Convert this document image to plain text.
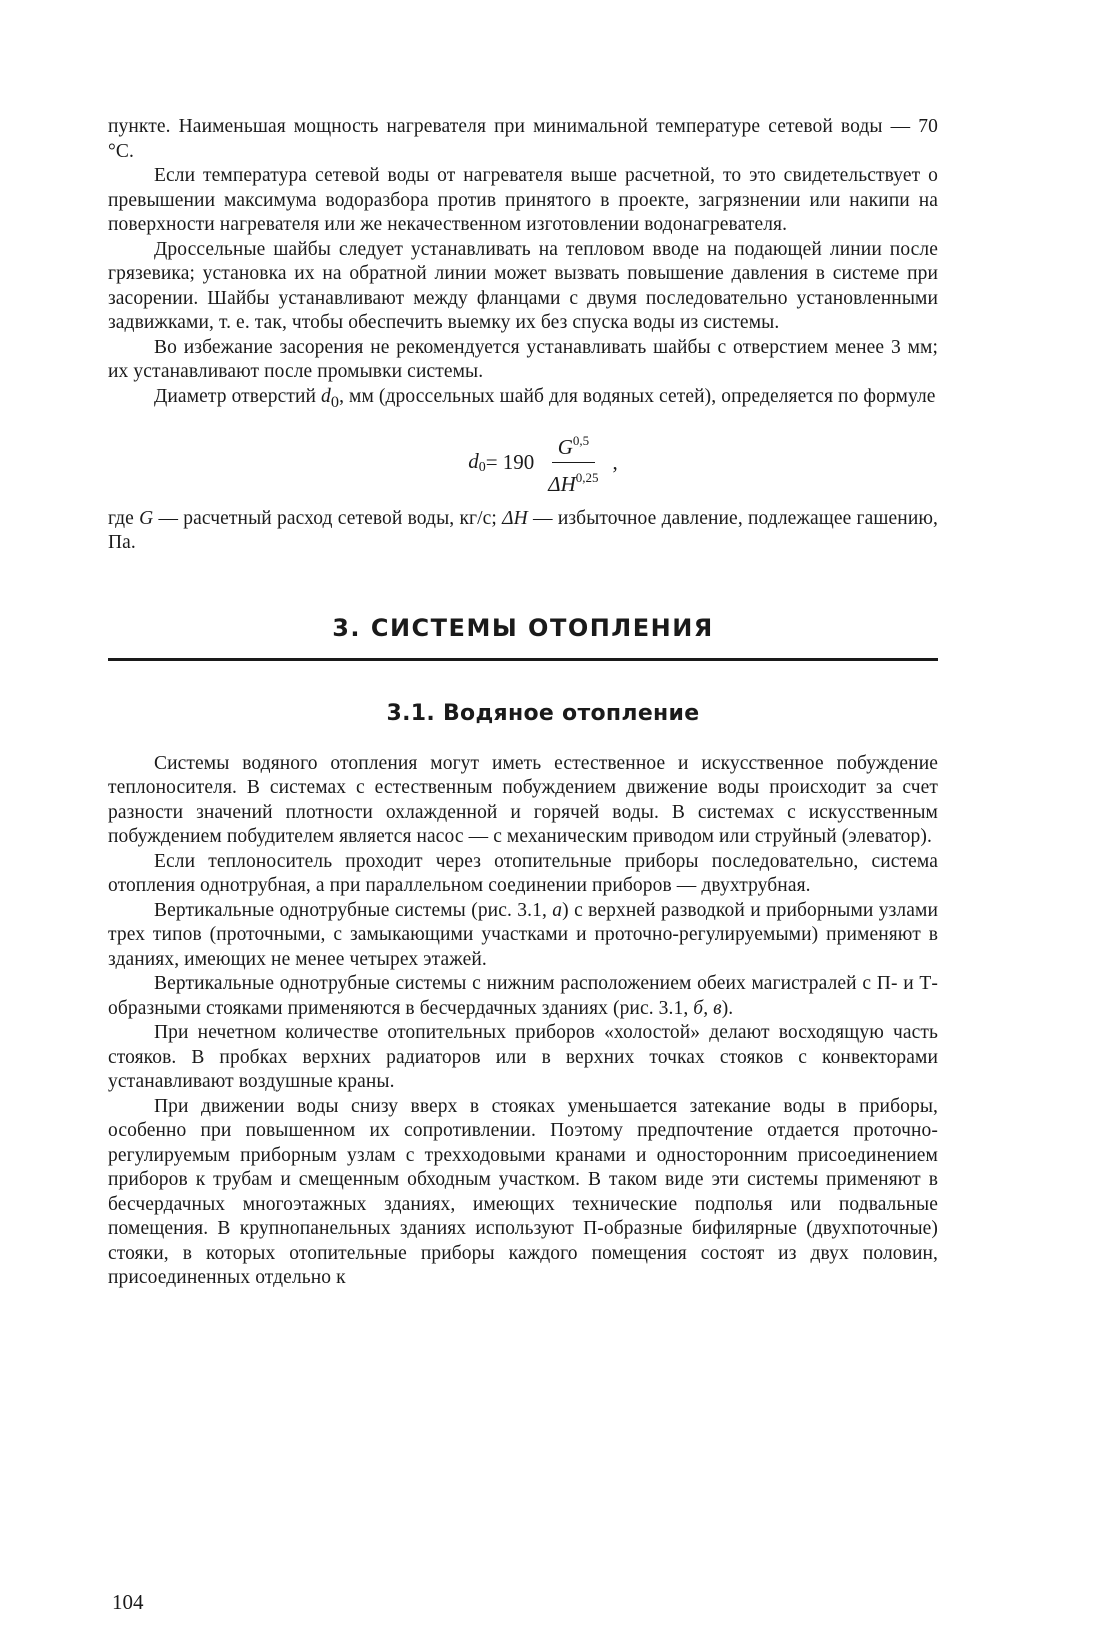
пункте. Наименьшая мощность нагревателя при минимальной температуре сетевой воды — 70 °С.

Если температура сетевой воды от нагревателя выше расчетной, то это свидетельствует о превышении максимума водоразбора против принятого в проекте, загрязнении или накипи на поверхности нагревателя или же некачественном изготовлении водонагревателя.

Дроссельные шайбы следует устанавливать на тепловом вводе на подающей линии после грязевика; установка их на обратной линии может вызвать повышение давления в системе при засорении. Шайбы устанавливают между фланцами с двумя последовательно установленными задвижками, т. е. так, чтобы обеспечить выемку их без спуска воды из системы.

Во избежание засорения не рекомендуется устанавливать шайбы с отверстием менее 3 мм; их устанавливают после промывки системы.

Диаметр отверстий $d_0$, мм (дроссельных шайб для водяных сетей), определяется по формуле

$d_0 = 190 \frac{G^{0,5}}{\Delta H^{0,25}}$ ,

где G — расчетный расход сетевой воды, кг/с; ΔH — избыточное давление, подлежащее гашению, Па.

3. СИСТЕМЫ ОТОПЛЕНИЯ
3.1. Водяное отопление

Системы водяного отопления могут иметь естественное и искусственное побуждение теплоносителя. В системах с естественным побуждением движение воды происходит за счет разности значений плотности охлажденной и горячей воды. В системах с искусственным побуждением побудителем является насос — с механическим приводом или струйный (элеватор).

Если теплоноситель проходит через отопительные приборы последовательно, система отопления однотрубная, а при параллельном соединении приборов — двухтрубная.

Вертикальные однотрубные системы (рис. 3.1, а) с верхней разводкой и приборными узлами трех типов (проточными, с замыкающими участками и проточно-регулируемыми) применяют в зданиях, имеющих не менее четырех этажей.

Вертикальные однотрубные системы с нижним расположением обеих магистралей с П- и Т-образными стояками применяются в бесчердачных зданиях (рис. 3.1, б, в).

При нечетном количестве отопительных приборов «холостой» делают восходящую часть стояков. В пробках верхних радиаторов или в верхних точках стояков с конвекторами устанавливают воздушные краны.

При движении воды снизу вверх в стояках уменьшается затекание воды в приборы, особенно при повышенном их сопротивлении. Поэтому предпочтение отдается проточно-регулируемым приборным узлам с трехходовыми кранами и односторонним присоединением приборов к трубам и смещенным обходным участком. В таком виде эти системы применяют в бесчердачных многоэтажных зданиях, имеющих технические подполья или подвальные помещения. В крупнопанельных зданиях используют П-образные бифилярные (двухпоточные) стояки, в которых отопительные приборы каждого помещения состоят из двух половин, присоединенных отдельно к

104
